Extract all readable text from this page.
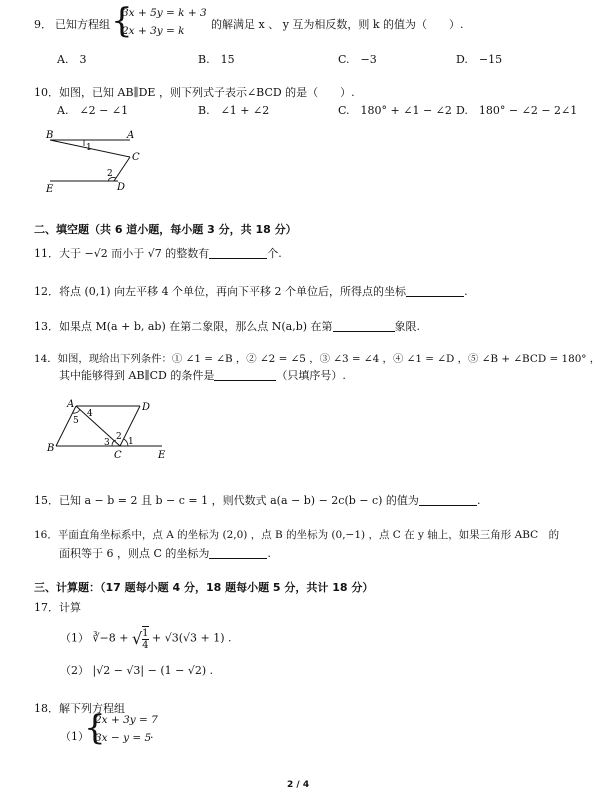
9． 已知方程组 {
3x + 5y = k + 3
2x + 3y = k 的解满足 x 、 y 互为相反数，则 k 的值为（　　）.
A.　3	B.　15	C.　−3	D.　−15
10． 如图，已知 AB∥DE ，则下列式子表示∠BCD 的是（　　）.
A.　∠2 − ∠1	B.　∠1 + ∠2	C.　180° + ∠1 − ∠2 D.　180° − ∠2 − 2∠1
B	A
C
E	D
1
2
二、填空题（共 6 道小题，每小题 3 分，共 18 分）
11．大于 −√2 而小于 √7 的整数有	个.
12．将点 (0,1) 向左平移 4 个单位，再向下平移 2 个单位后，所得点的坐标	.
13．如果点 M(a + b, ab) 在第二象限，那么点 N(a,b) 在第	象限.
14．如图，现给出下列条件：① ∠1 = ∠B ，② ∠2 = ∠5 ，③ ∠3 = ∠4 ，④ ∠1 = ∠D ，⑤ ∠B + ∠BCD = 180° ，
其中能够得到 AB∥CD 的条件是	（只填序号）.
A	D
B
C	E
1
2
3
4
5
15．已知 a − b = 2 且 b − c = 1 ，则代数式 a(a − b) − 2c(b − c) 的值为	.
16．平面直角坐标系中，点 A 的坐标为 (2,0) ，点 B 的坐标为 (0,−1) ，点 C 在 y 轴上，如果三角形 ABC　的
面积等于 6 ，则点 C 的坐标为	.
三、计算题：（17 题每小题 4 分，18 题每小题 5 分，共计 18 分）
17．计算
（1） ∛−8 + √ $\frac{1}{4} + √3(√3 + 1)$ .
（2） |√2 − √3| − (1 − √2) .
18．解下列方程组
（1）
{
2x + 3y = 7
3x − y = 5
.
2 / 4
